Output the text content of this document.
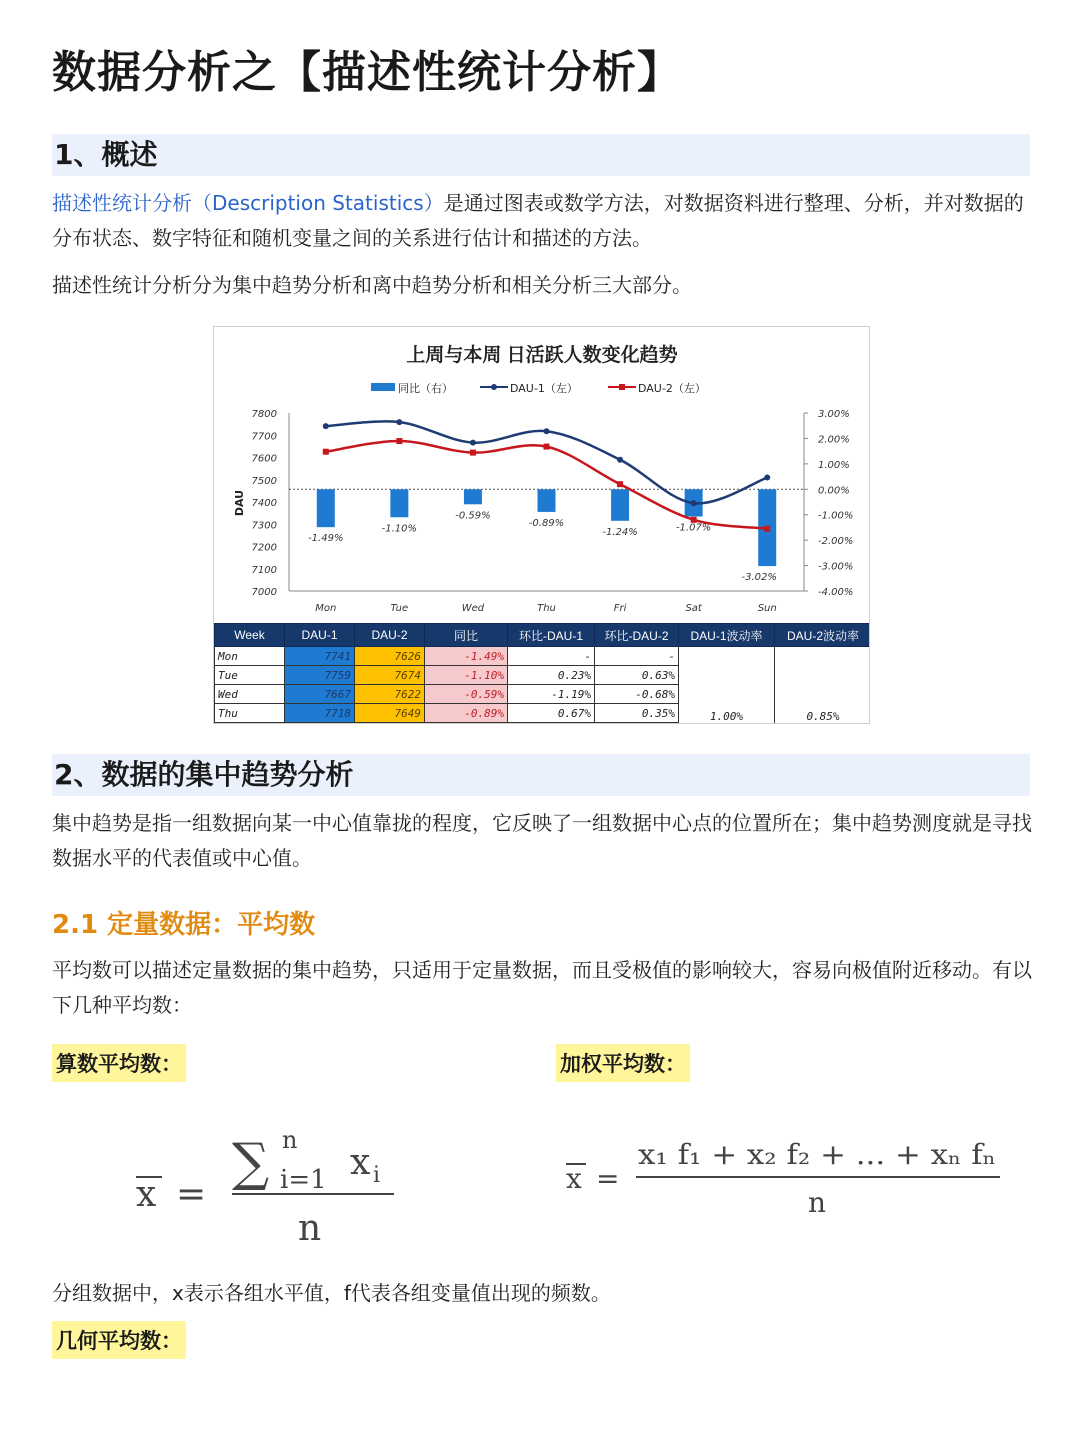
数据分析之【描述性统计分析】
1、概述

描述性统计分析（Description Statistics）是通过图表或数学方法，对数据资料进行整理、分析，并对数据的分布状态、数字特征和随机变量之间的关系进行估计和描述的方法。

描述性统计分析分为集中趋势分析和离中趋势分析和相关分析三大部分。

上周与本周 日活跃人数变化趋势
同比（右）	DAU-1（左）	DAU-2（左）
DAU
7800
7700
7600
7500
7400
7300
7200
7100
7000
3.00%
2.00%
1.00%
0.00%
-1.00%
-2.00%
-3.00%
-4.00%
Mon	Tue	Wed	Thu	Fri	Sat	Sun
-1.49%
-1.10%
-0.59%
-0.89%
-1.24%	-1.07%
-3.02%
Week	DAU-1	DAU-2	同比	环比-DAU-1	环比-DAU-2	DAU-1波动率	DAU-2波动率
Mon	7741	7626	-1.49%	-	-	1.00%	0.85%
Tue	7759	7674	-1.10%	0.23%	0.63%		
Wed	7667	7622	-0.59%	-1.19%	-0.68%		
Thu	7718	7649	-0.89%	0.67%	0.35%		
2、数据的集中趋势分析

集中趋势是指一组数据向某一中心值靠拢的程度，它反映了一组数据中心点的位置所在；集中趋势测度就是寻找数据水平的代表值或中心值。

2.1 定量数据：平均数

平均数可以描述定量数据的集中趋势，只适用于定量数据，而且受极值的影响较大，容易向极值附近移动。有以下几种平均数：

算数平均数：	加权平均数：
x =
∑ n
i=1 x i
n
x =
x₁ f₁ + x₂ f₂ + ... + xₙ fₙ
n

分组数据中，x表示各组水平值，f代表各组变量值出现的频数。

几何平均数：
